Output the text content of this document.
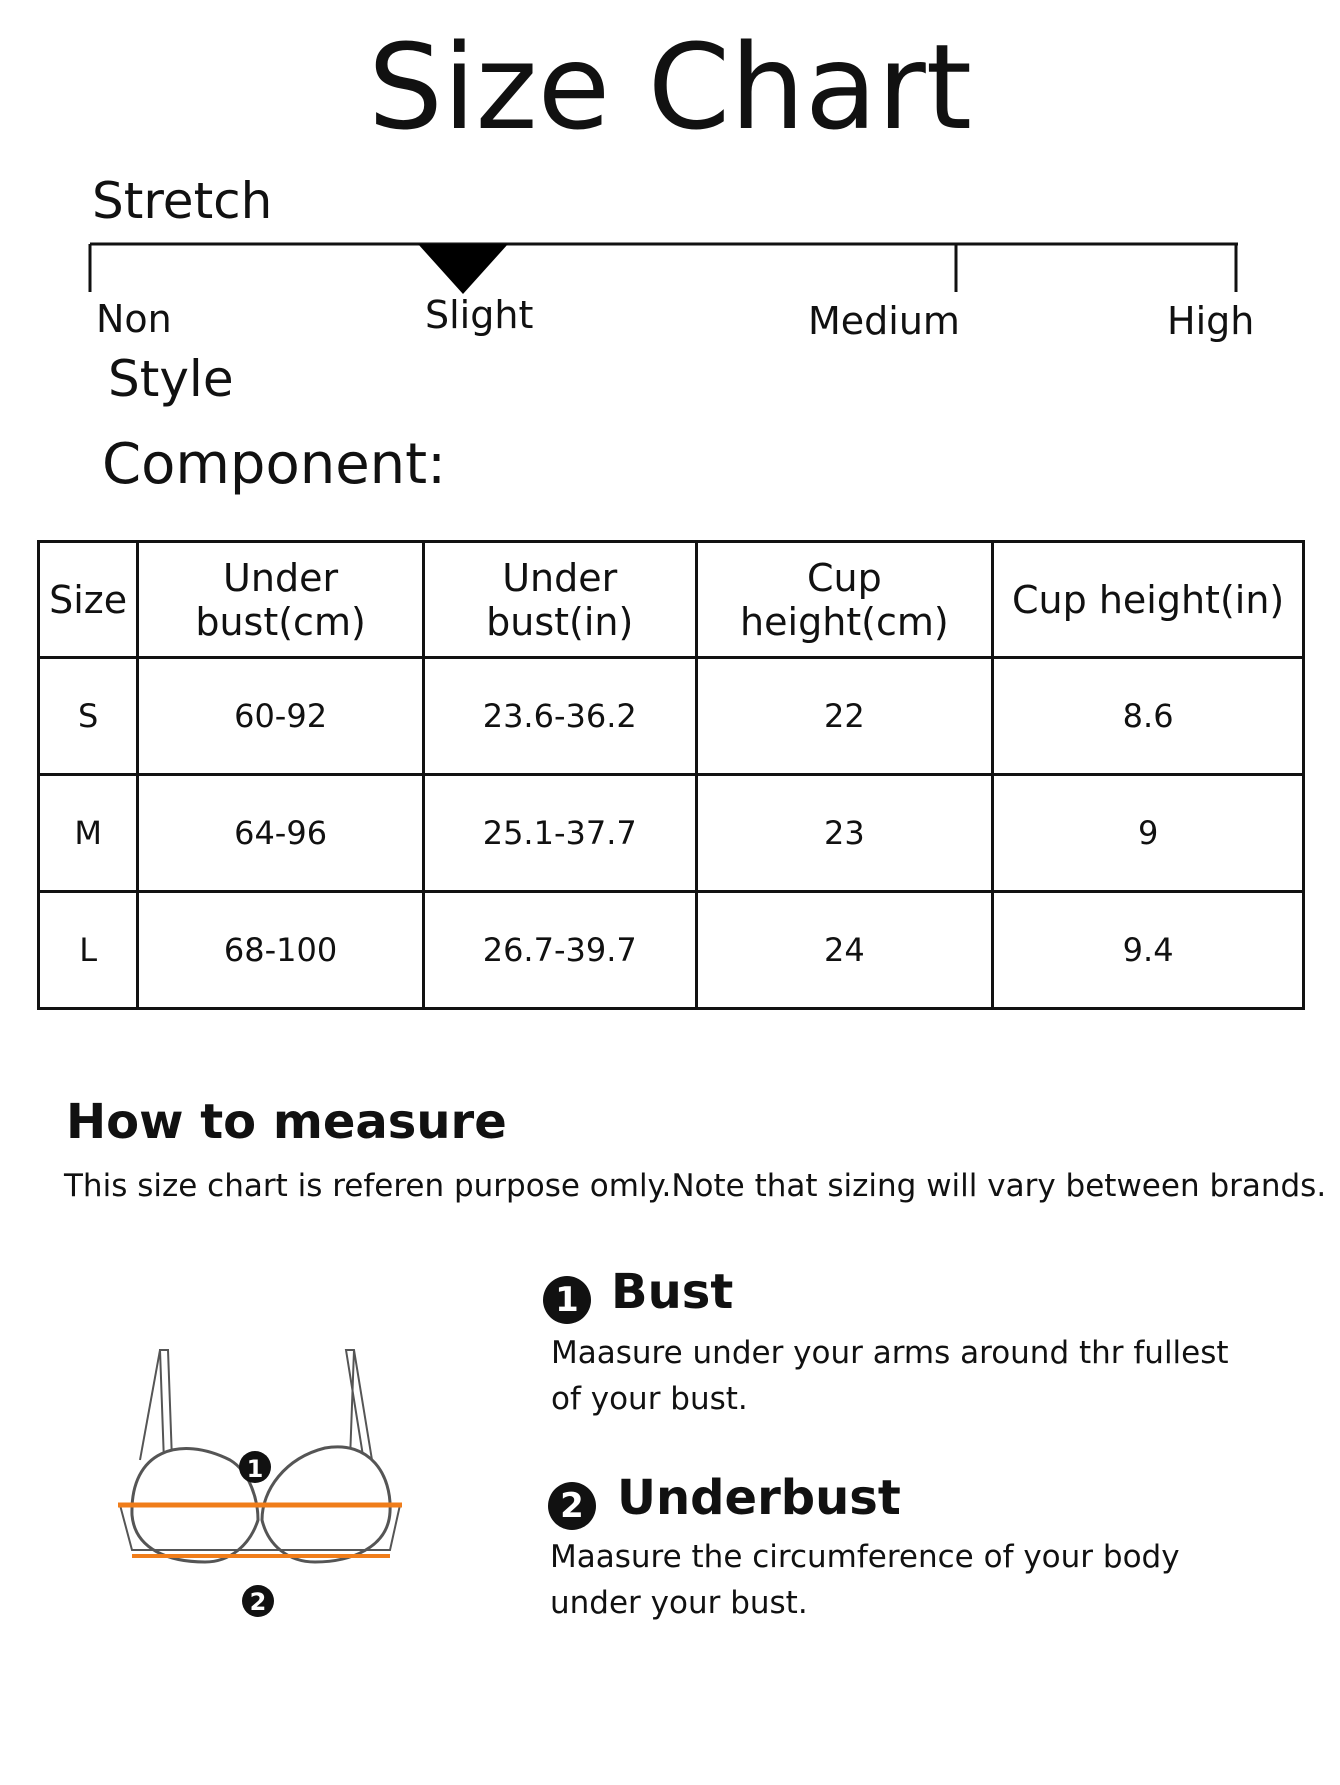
Size Chart
Stretch
Non	Slight	Medium	High
Style
Component:
Size	Under bust(cm)	Under bust(in)	Cup height(cm)	Cup height(in)
S	60-92	23.6-36.2	22	8.6
M	64-96	25.1-37.7	23	9
L	68-100	26.7-39.7	24	9.4
How to measure
This size chart is referen purpose omly.Note that sizing will vary between brands.
1
2
1 Bust
Maasure under your arms around thr fullest of your bust.
2 Underbust
Maasure the circumference of your body under your bust.
